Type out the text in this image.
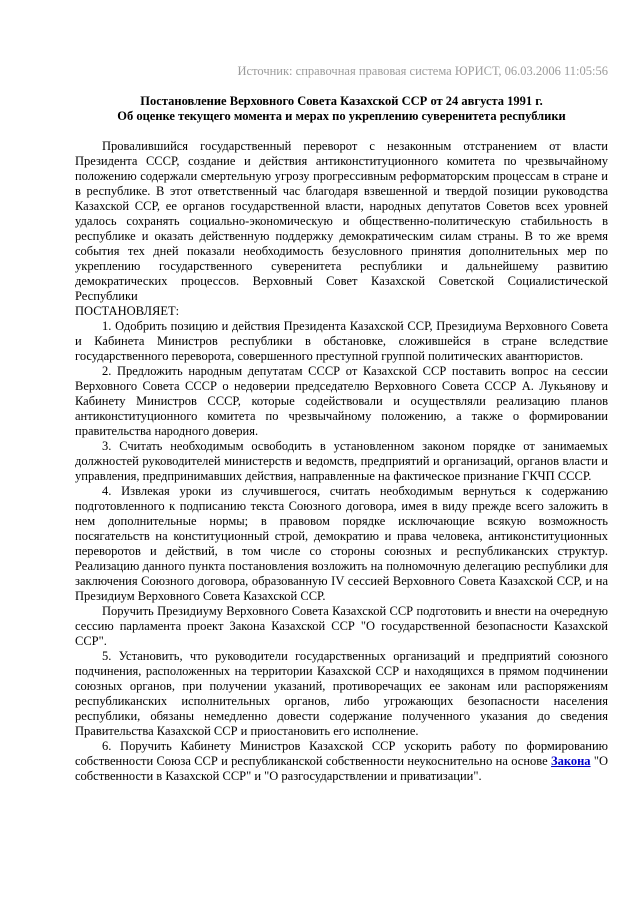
Источник: справочная правовая система ЮРИСТ, 06.03.2006 11:05:56
Постановление Верховного Совета Казахской ССР от 24 августа 1991 г.
Об оценке текущего момента и мерах по укреплению суверенитета республики

Провалившийся государственный переворот с незаконным отстранением от власти Президента СССР, создание и действия антиконституционного комитета по чрезвычайному положению содержали смертельную угрозу прогрессивным реформаторским процессам в стране и в республике. В этот ответственный час благодаря взвешенной и твердой позиции руководства Казахской ССР, ее органов государственной власти, народных депутатов Советов всех уровней удалось сохранять социально-экономическую и общественно-политическую стабильность в республике и оказать действенную поддержку демократическим силам страны. В то же время события тех дней показали необходимость безусловного принятия дополнительных мер по укреплению государственного суверенитета республики и дальнейшему развитию демократических процессов. Верховный Совет Казахской Советской Социалистической Республики
ПОСТАНОВЛЯЕТ:

1. Одобрить позицию и действия Президента Казахской ССР, Президиума Верховного Совета и Кабинета Министров республики в обстановке, сложившейся в стране вследствие государственного переворота, совершенного преступной группой политических авантюристов.

2. Предложить народным депутатам СССР от Казахской ССР поставить вопрос на сессии Верховного Совета СССР о недоверии председателю Верховного Совета СССР А. Лукьянову и Кабинету Министров СССР, которые содействовали и осуществляли реализацию планов антиконституционного комитета по чрезвычайному положению, а также о формировании правительства народного доверия.

3. Считать необходимым освободить в установленном законом порядке от занимаемых должностей руководителей министерств и ведомств, предприятий и организаций, органов власти и управления, предпринимавших действия, направленные на фактическое признание ГКЧП СССР.

4. Извлекая уроки из случившегося, считать необходимым вернуться к содержанию подготовленного к подписанию текста Союзного договора, имея в виду прежде всего заложить в нем дополнительные нормы; в правовом порядке исключающие всякую возможность посягательств на конституционный строй, демократию и права человека, антиконституционных переворотов и действий, в том числе со стороны союзных и республиканских структур. Реализацию данного пункта постановления возложить на полномочную делегацию республики для заключения Союзного договора, образованную IV сессией Верховного Совета Казахской ССР, и на Президиум Верховного Совета Казахской ССР.

Поручить Президиуму Верховного Совета Казахской ССР подготовить и внести на очередную сессию парламента проект Закона Казахской ССР "О государственной безопасности Казахской ССР".

5. Установить, что руководители государственных организаций и предприятий союзного подчинения, расположенных на территории Казахской ССР и находящихся в прямом подчинении союзных органов, при получении указаний, противоречащих ее законам или распоряжениям республиканских исполнительных органов, либо угрожающих безопасности населения республики, обязаны немедленно довести содержание полученного указания до сведения Правительства Казахской ССР и приостановить его исполнение.

6. Поручить Кабинету Министров Казахской ССР ускорить работу по формированию собственности Союза ССР и республиканской собственности неукоснительно на основе Закона "О собственности в Казахской ССР" и "О разгосударствлении и приватизации".
